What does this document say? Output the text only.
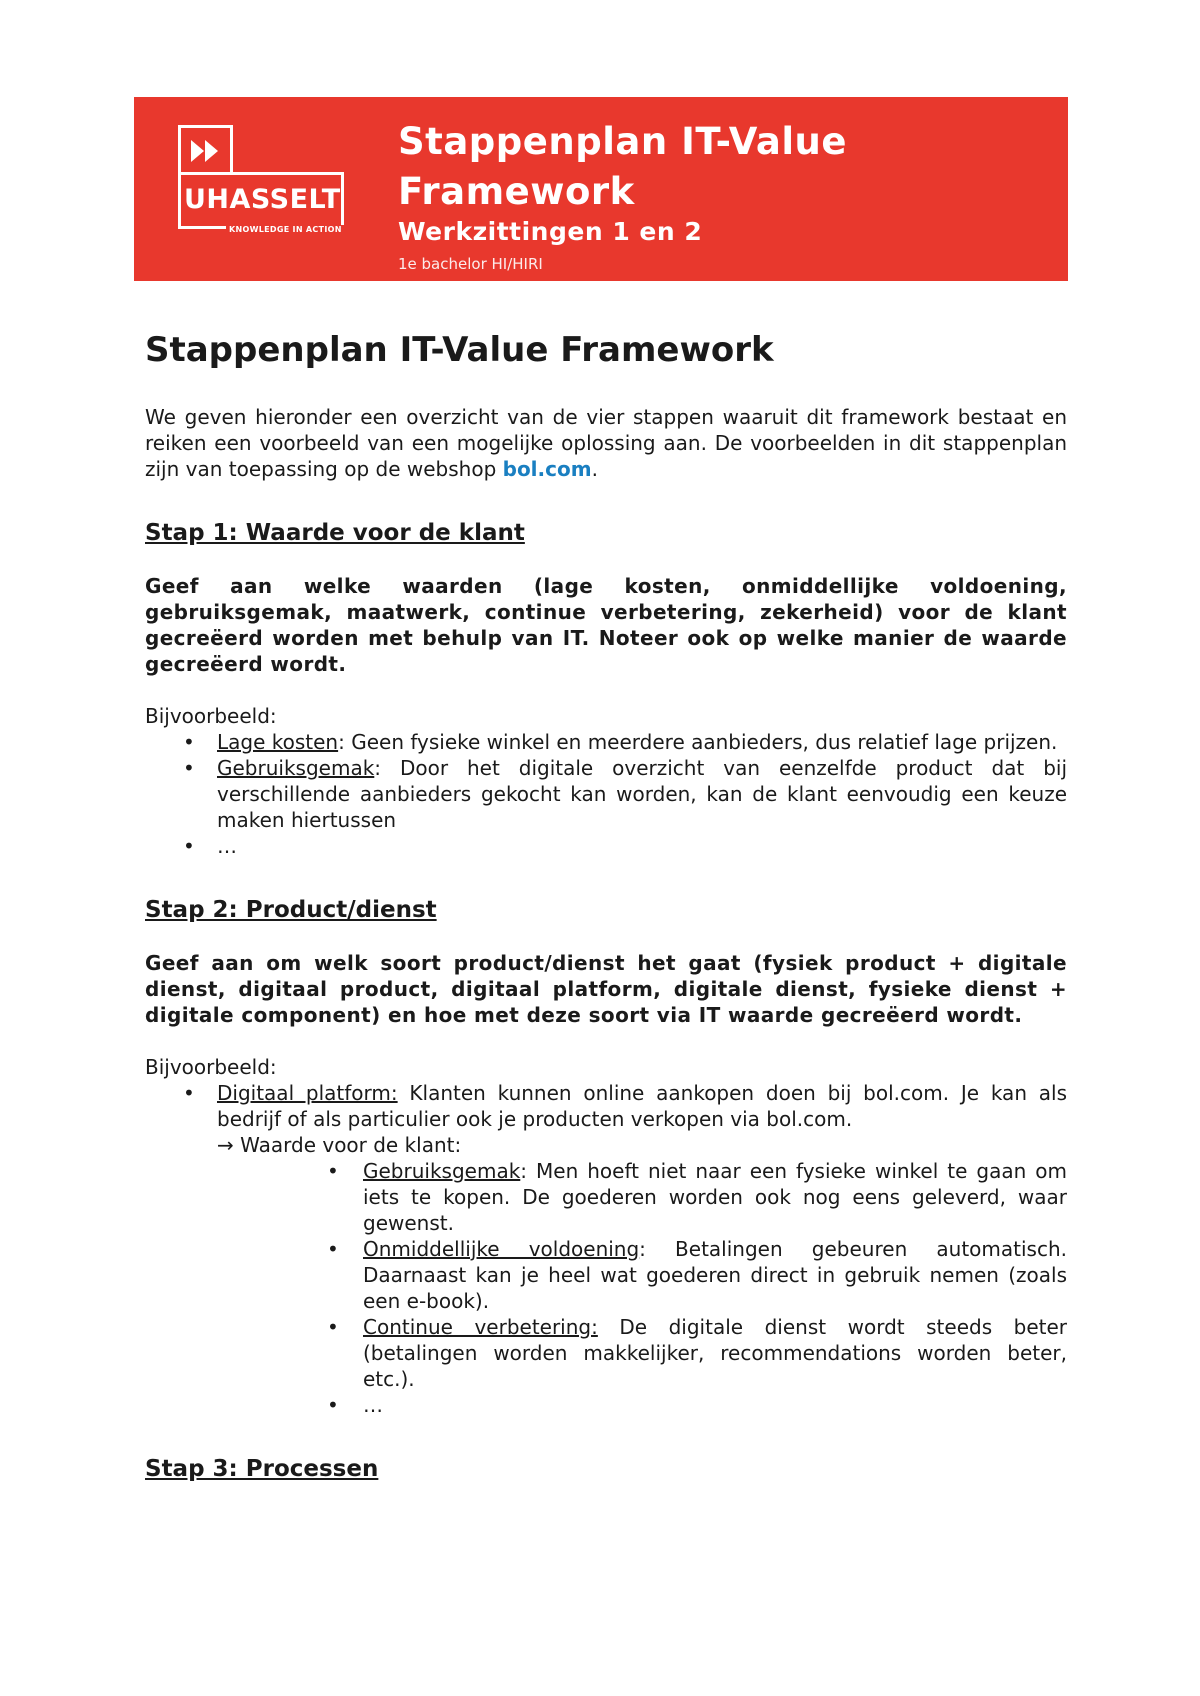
UHASSELT
KNOWLEDGE IN ACTION
Stappenplan IT-Value Framework
Werkzittingen 1 en 2
1e bachelor HI/HIRI
Stappenplan IT-Value Framework

We geven hieronder een overzicht van de vier stappen waaruit dit framework bestaat en reiken een voorbeeld van een mogelijke oplossing aan. De voorbeelden in dit stappenplan zijn van toepassing op de webshop bol.com.

Stap 1: Waarde voor de klant

Geef aan welke waarden (lage kosten, onmiddellijke voldoening, gebruiksgemak, maatwerk, continue verbetering, zekerheid) voor de klant gecreëerd worden met behulp van IT. Noteer ook op welke manier de waarde gecreëerd wordt.

Bijvoorbeeld:

• Lage kosten: Geen fysieke winkel en meerdere aanbieders, dus relatief lage prijzen.
• Gebruiksgemak: Door het digitale overzicht van eenzelfde product dat bij verschillende aanbieders gekocht kan worden, kan de klant eenvoudig een keuze maken hiertussen
• …
Stap 2: Product/dienst

Geef aan om welk soort product/dienst het gaat (fysiek product + digitale dienst, digitaal product, digitaal platform, digitale dienst, fysieke dienst + digitale component) en hoe met deze soort via IT waarde gecreëerd wordt.

Bijvoorbeeld:

• Digitaal platform: Klanten kunnen online aankopen doen bij bol.com. Je kan als bedrijf of als particulier ook je producten verkopen via bol.com.
→ Waarde voor de klant:
• Gebruiksgemak: Men hoeft niet naar een fysieke winkel te gaan om iets te kopen. De goederen worden ook nog eens geleverd, waar gewenst.
• Onmiddellijke voldoening: Betalingen gebeuren automatisch. Daarnaast kan je heel wat goederen direct in gebruik nemen (zoals een e-book).
• Continue verbetering: De digitale dienst wordt steeds beter (betalingen worden makkelijker, recommendations worden beter, etc.).
• …
Stap 3: Processen
